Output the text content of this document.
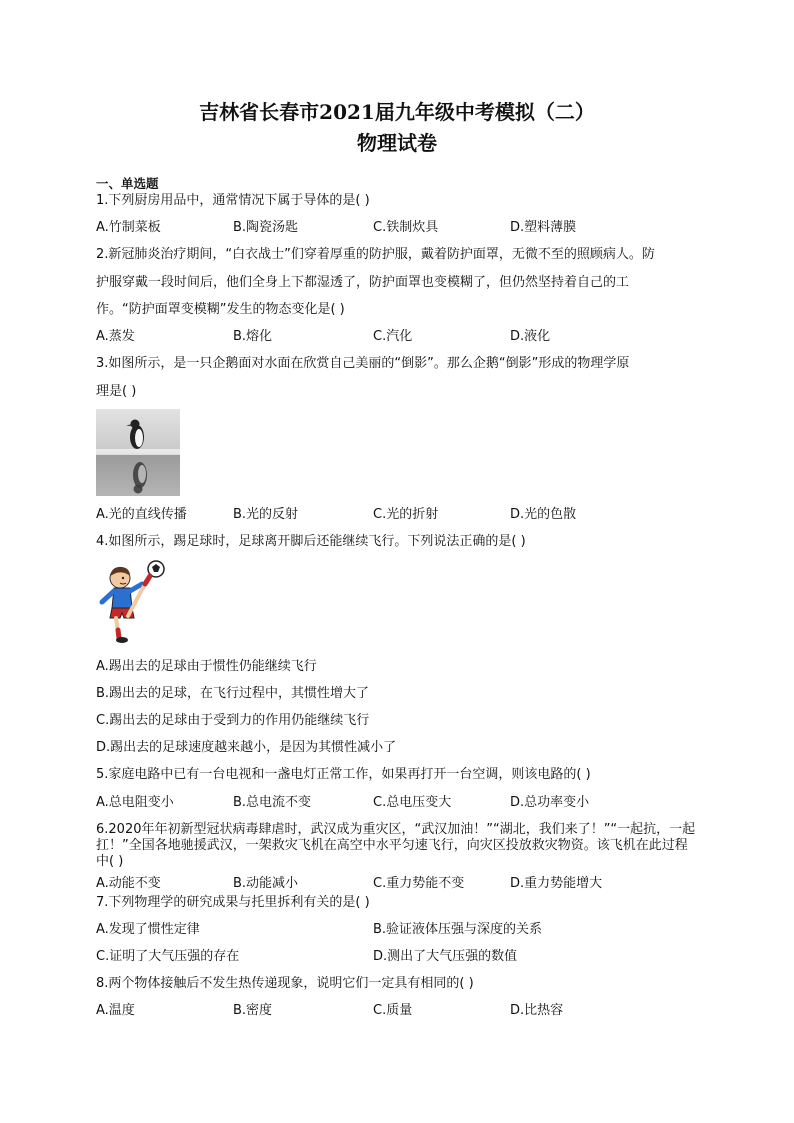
吉林省长春市2021届九年级中考模拟（二）
物理试卷
一、单选题
1.下列厨房用品中，通常情况下属于导体的是( )
A.竹制菜板	B.陶瓷汤匙	C.铁制炊具	D.塑料薄膜
2.新冠肺炎治疗期间，“白衣战士”们穿着厚重的防护服，戴着防护面罩，无微不至的照顾病人。防
护服穿戴一段时间后，他们全身上下都湿透了，防护面罩也变模糊了，但仍然坚持着自己的工
作。“防护面罩变模糊”发生的物态变化是( )
A.蒸发	B.熔化	C.汽化	D.液化
3.如图所示，是一只企鹅面对水面在欣赏自己美丽的“倒影”。那么企鹅“倒影”形成的物理学原
理是( )
A.光的直线传播	B.光的反射	C.光的折射	D.光的色散
4.如图所示，踢足球时，足球离开脚后还能继续飞行。下列说法正确的是( )
A.踢出去的足球由于惯性仍能继续飞行
B.踢出去的足球，在飞行过程中，其惯性增大了
C.踢出去的足球由于受到力的作用仍能继续飞行
D.踢出去的足球速度越来越小，是因为其惯性减小了
5.家庭电路中已有一台电视和一盏电灯正常工作，如果再打开一台空调，则该电路的( )
A.总电阻变小	B.总电流不变	C.总电压变大	D.总功率变小
6.2020年年初新型冠状病毒肆虐时，武汉成为重灾区，“武汉加油！”“湖北，我们来了！”“一起抗，一起扛！”全国各地驰援武汉，一架救灾飞机在高空中水平匀速飞行，向灾区投放救灾物资。该飞机在此过程中( )
A.动能不变	B.动能减小	C.重力势能不变	D.重力势能增大
7.下列物理学的研究成果与托里拆利有关的是( )
A.发现了惯性定律	B.验证液体压强与深度的关系
C.证明了大气压强的存在	D.测出了大气压强的数值
8.两个物体接触后不发生热传递现象，说明它们一定具有相同的( )
A.温度	B.密度	C.质量	D.比热容
